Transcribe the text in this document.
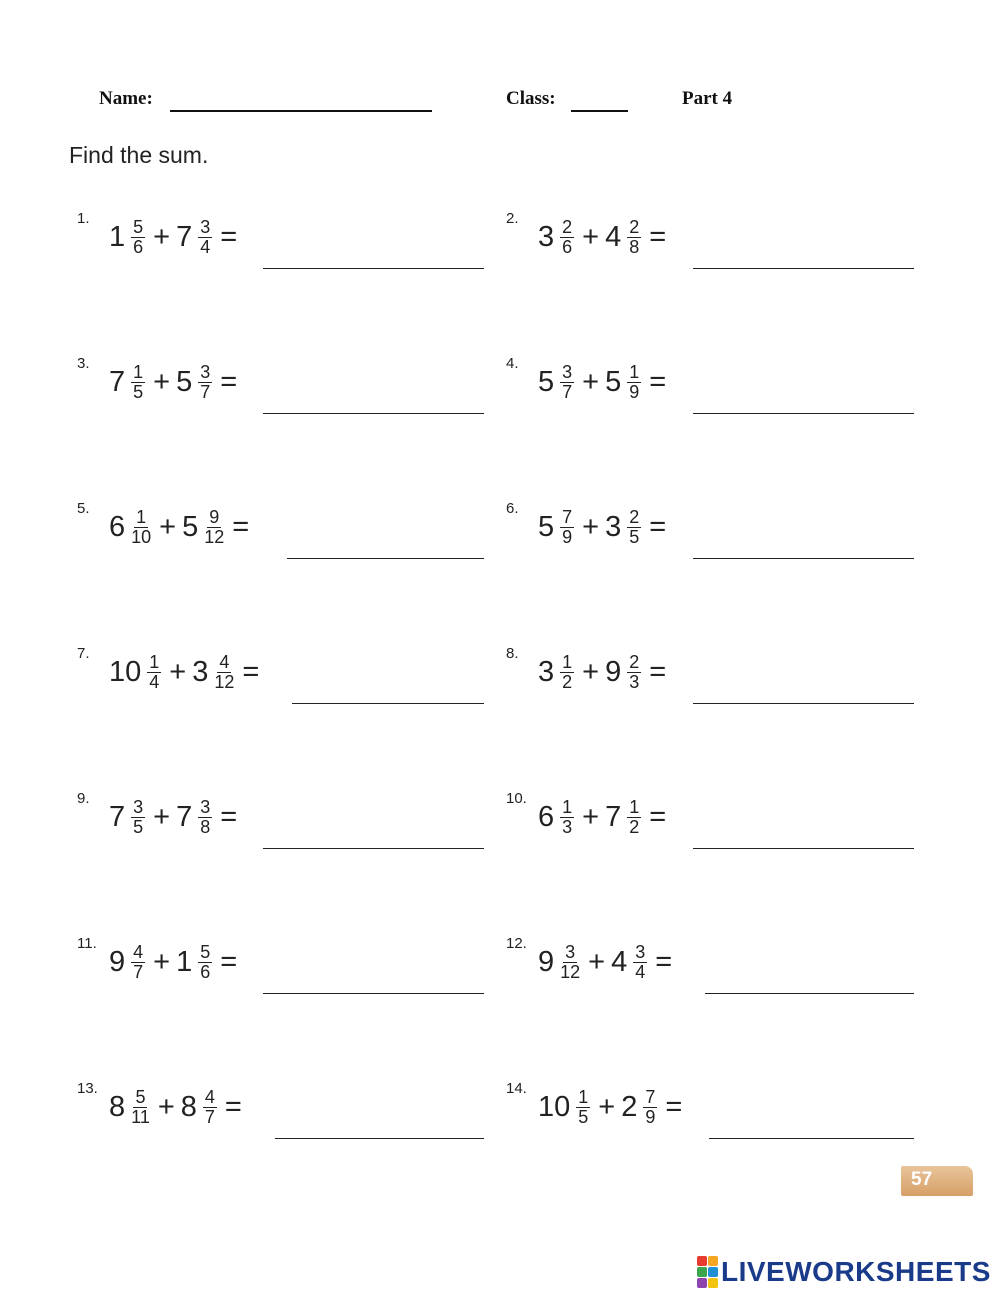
Name:	Class:	Part 4
Find the sum.
1.
$1 \frac{5}{6} + 7 \frac{3}{4}$ =
2.
$3 \frac{2}{6} + 4 \frac{2}{8}$ =
3.
$7 \frac{1}{5} + 5 \frac{3}{7}$ =
4.
$5 \frac{3}{7} + 5 \frac{1}{9}$ =
5.
$6 \frac{1}{10} + 5 \frac{9}{12}$ =
6.
$5 \frac{7}{9} + 3 \frac{2}{5}$ =
7.
$10 \frac{1}{4} + 3 \frac{4}{12}$ =
8.
$3 \frac{1}{2} + 9 \frac{2}{3}$ =
9.
$7 \frac{3}{5} + 7 \frac{3}{8}$ =
10.
$6 \frac{1}{3} + 7 \frac{1}{2}$ =
11.
$9 \frac{4}{7} + 1 \frac{5}{6}$ =
12.
$9 \frac{3}{12} + 4 \frac{3}{4}$ =
13.
$8 \frac{5}{11} + 8 \frac{4}{7}$ =
14.
$10 \frac{1}{5} + 2 \frac{7}{9}$ =
57
LIVEWORKSHEETS
